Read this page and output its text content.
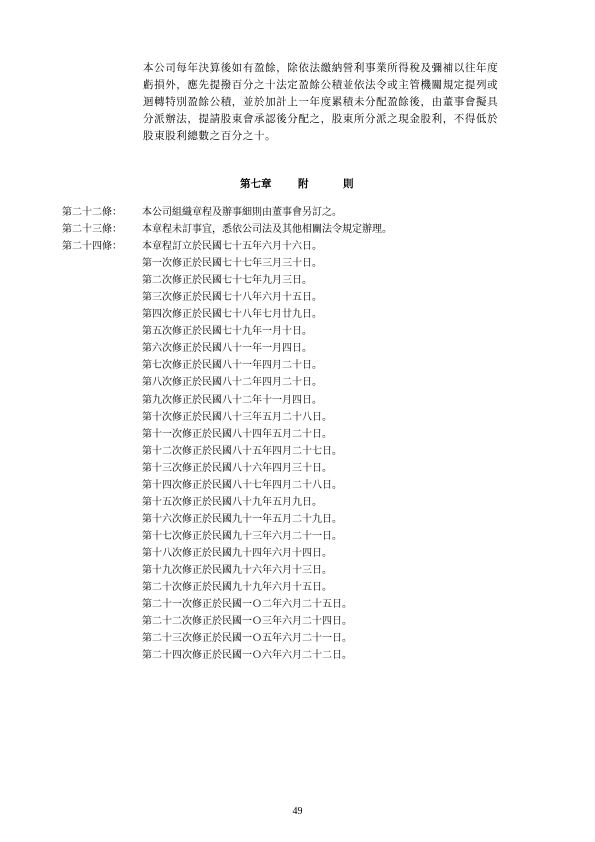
本公司每年決算後如有盈餘，除依法繳納營利事業所得稅及彌補以往年度
虧損外，應先提撥百分之十法定盈餘公積並依法令或主管機關規定提列或
迴轉特別盈餘公積，並於加計上一年度累積未分配盈餘後，由董事會擬具
分派辦法，提請股東會承認後分配之，股東所分派之現金股利，不得低於
股東股利總數之百分之十。
第七章	附	則
第二十二條： 本公司組織章程及辦事細則由董事會另訂之。
第二十三條： 本章程未訂事宜，悉依公司法及其他相關法令規定辦理。
第二十四條： 本章程訂立於民國七十五年六月十六日。
第一次修正於民國七十七年三月三十日。
第二次修正於民國七十七年九月三日。
第三次修正於民國七十八年六月十五日。
第四次修正於民國七十八年七月廿九日。
第五次修正於民國七十九年一月十日。
第六次修正於民國八十一年一月四日。
第七次修正於民國八十一年四月二十日。
第八次修正於民國八十二年四月二十日。
第九次修正於民國八十二年十一月四日。
第十次修正於民國八十三年五月二十八日。
第十一次修正於民國八十四年五月二十日。
第十二次修正於民國八十五年四月二十七日。
第十三次修正於民國八十六年四月三十日。
第十四次修正於民國八十七年四月二十八日。
第十五次修正於民國八十九年五月九日。
第十六次修正於民國九十一年五月二十九日。
第十七次修正於民國九十三年六月二十一日。
第十八次修正於民國九十四年六月十四日。
第十九次修正於民國九十六年六月十三日。
第二十次修正於民國九十九年六月十五日。
第二十一次修正於民國一Ｏ二年六月二十五日。
第二十二次修正於民國一Ｏ三年六月二十四日。
第二十三次修正於民國一Ｏ五年六月二十一日。
第二十四次修正於民國一Ｏ六年六月二十二日。
49
